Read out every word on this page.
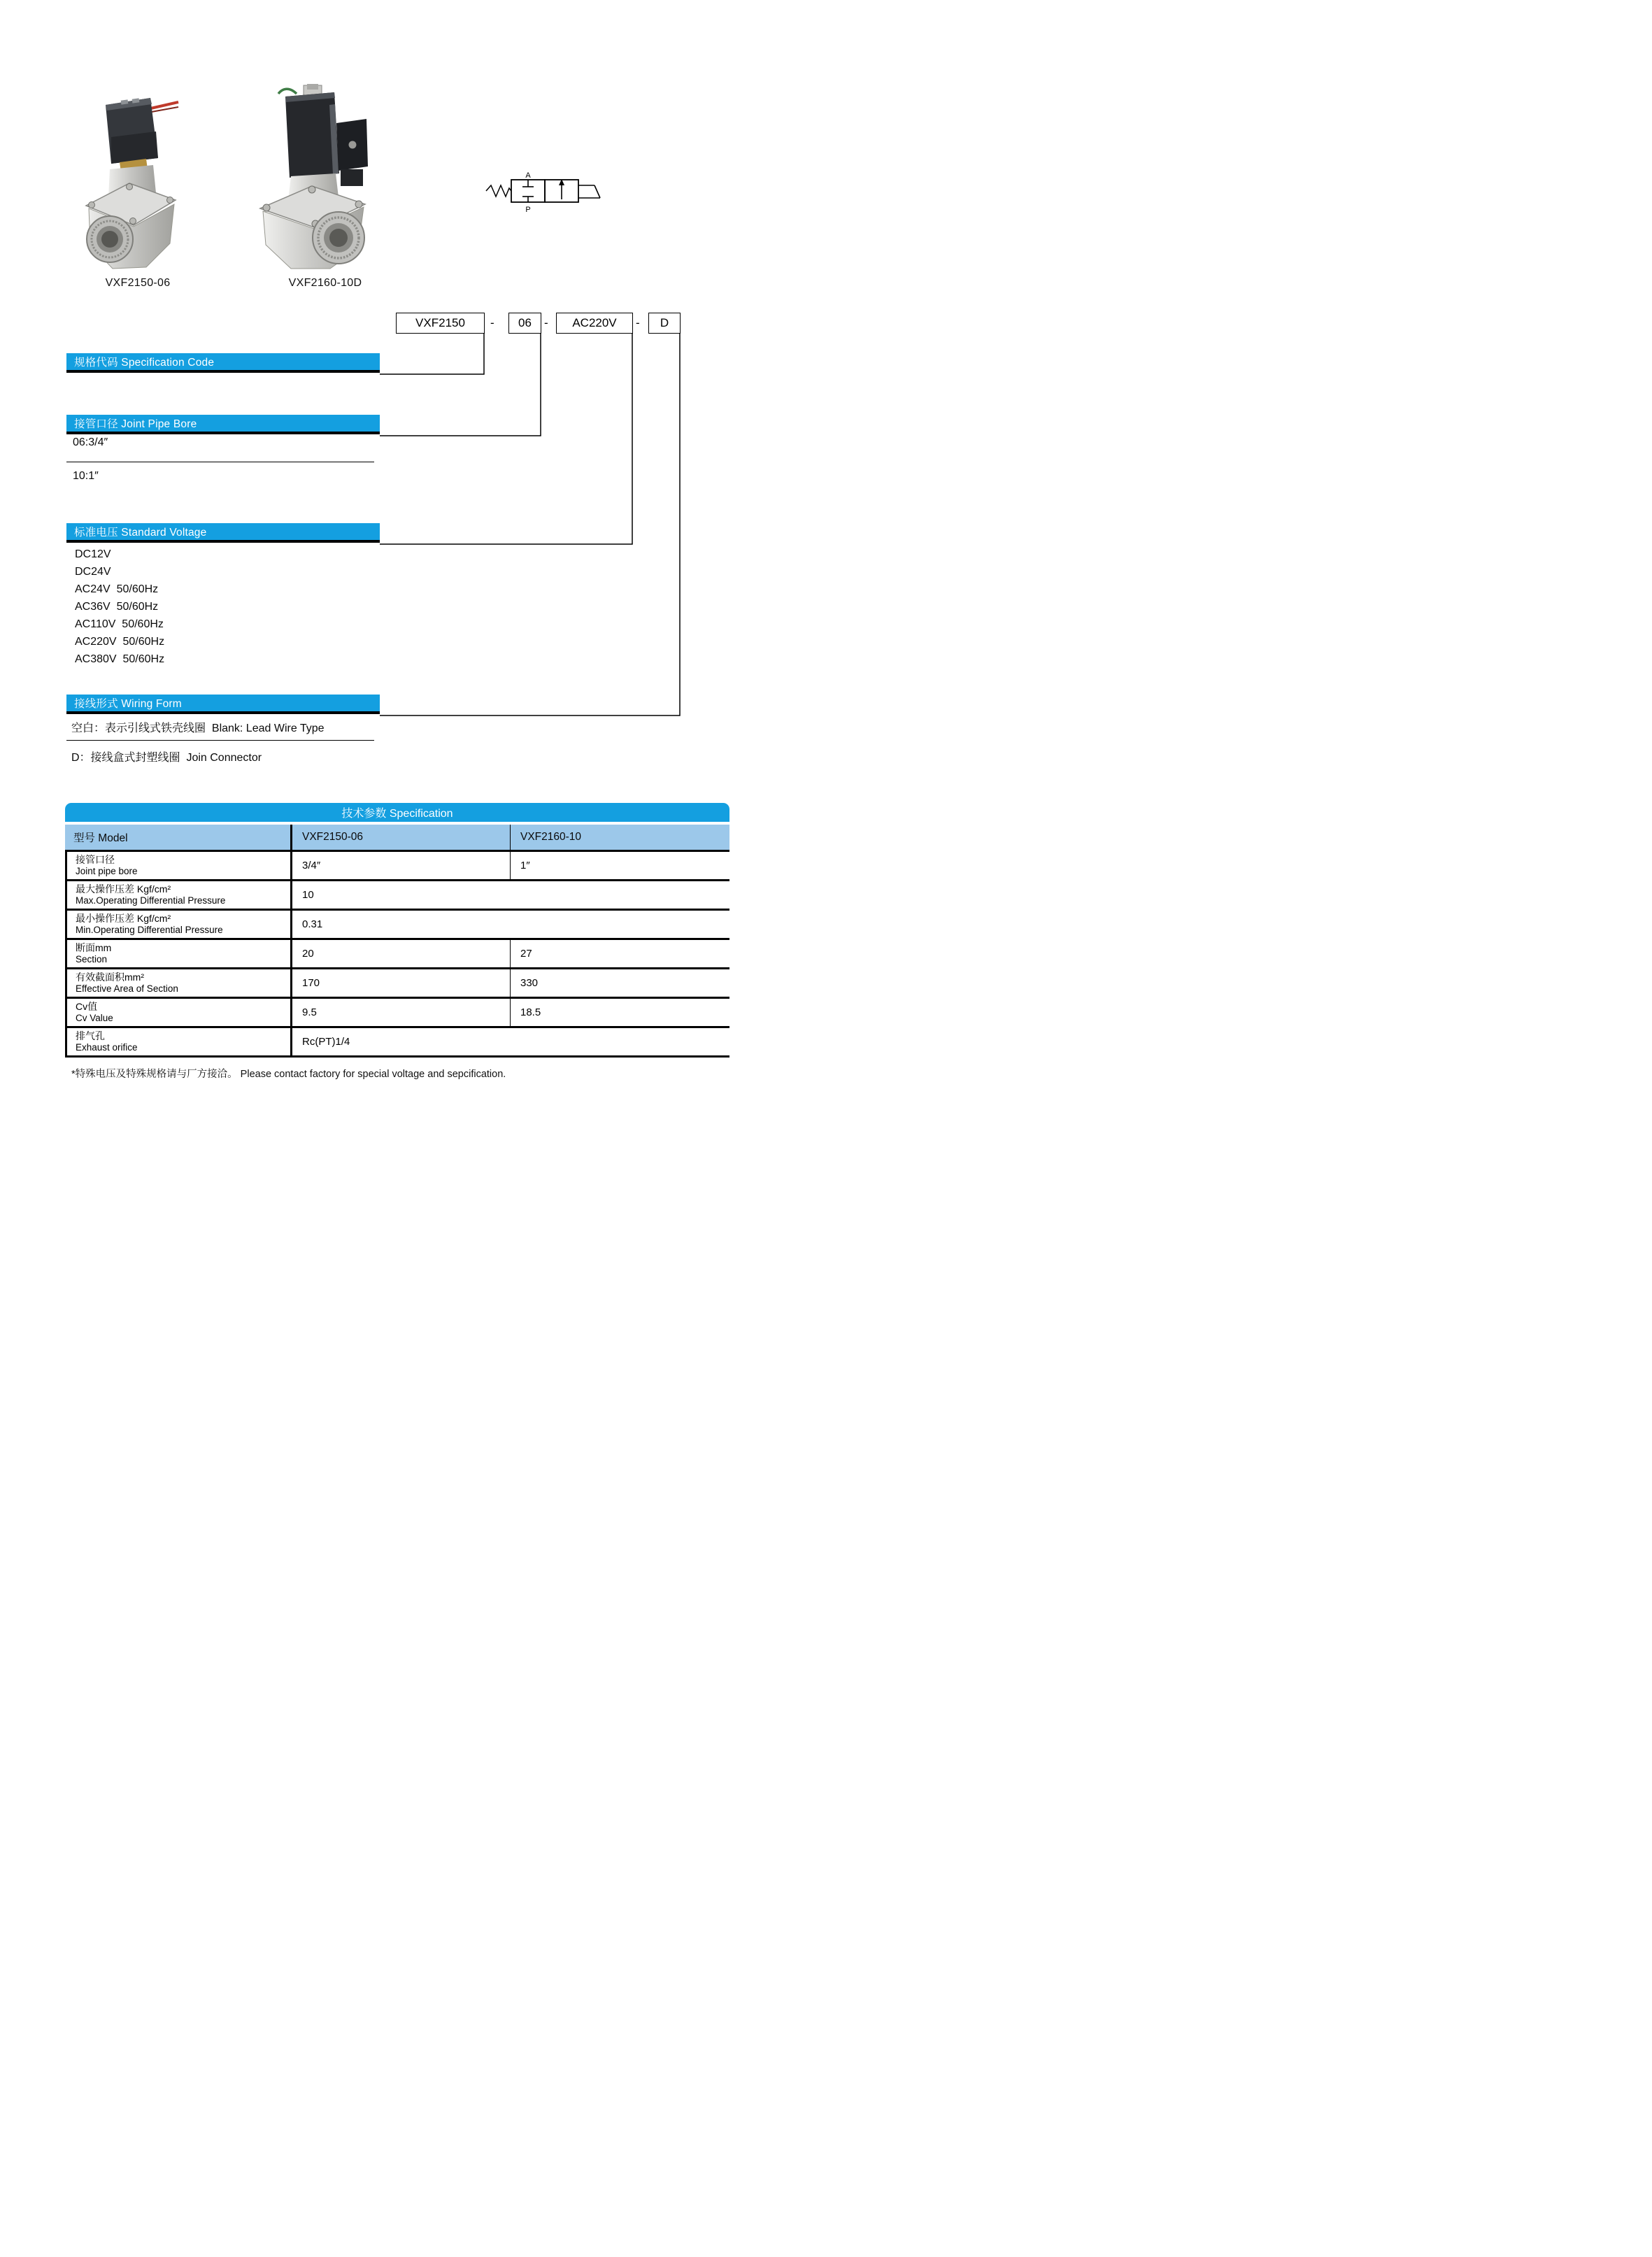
VXF2150-06	VXF2160-10D
A
P
VXF2150	-	06	-	AC220V	-	D
规格代码 Specification Code
接管口径 Joint Pipe Bore
06:3/4″
10:1″
标准电压 Standard Voltage
DC12V
DC24V
AC24V  50/60Hz
AC36V  50/60Hz
AC110V  50/60Hz
AC220V  50/60Hz
AC380V  50/60Hz
接线形式 Wiring Form
空白：表示引线式铁壳线圈  Blank: Lead Wire Type
D：接线盒式封塑线圈  Join Connector
技术参数 Specification
型号 Model	VXF2150-06	VXF2160-10
接管口径
Joint pipe bore	3/4″	1″
最大操作压差 Kgf/cm²
Max.Operating Differential Pressure	10
最小操作压差 Kgf/cm²
Min.Operating Differential Pressure	0.31
断面mm
Section	20	27
有效截面积mm²
Effective Area of Section	170	330
Cv值
Cv Value	9.5	18.5
排气孔
Exhaust orifice	Rc(PT)1/4
*特殊电压及特殊规格请与厂方接洽。 Please contact factory for special voltage and sepcification.
